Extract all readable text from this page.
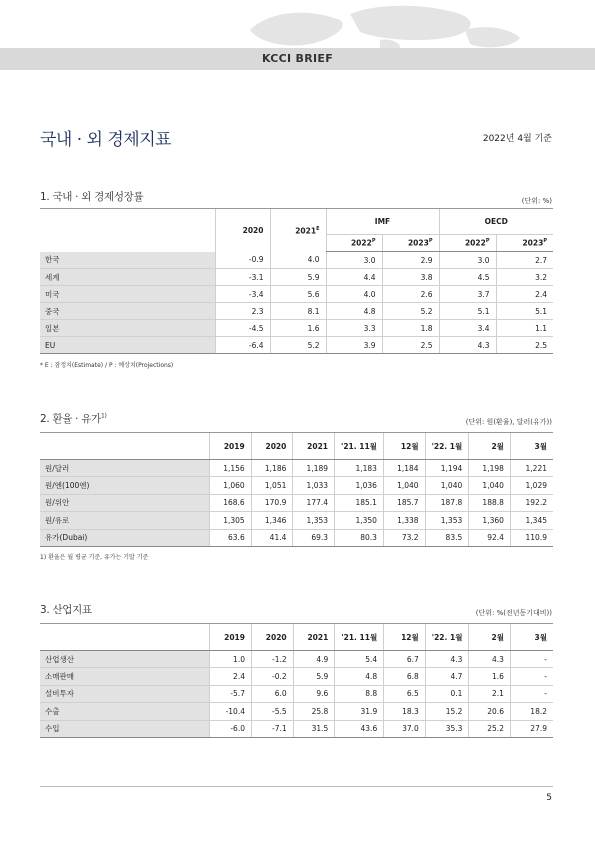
KCCI BRIEF
국내 · 외 경제지표	2022년 4월 기준
1. 국내 · 외 경제성장률	(단위: %)
	2020	$2021^E$	IMF		OECD	
			$2022^P$	$2023^P$	$2022^P$	$2023^P$
한국	-0.9	4.0	3.0	2.9	3.0	2.7
세계	-3.1	5.9	4.4	3.8	4.5	3.2
미국	-3.4	5.6	4.0	2.6	3.7	2.4
중국	2.3	8.1	4.8	5.2	5.1	5.1
일본	-4.5	1.6	3.3	1.8	3.4	1.1
EU	-6.4	5.2	3.9	2.5	4.3	2.5
* E : 잠정치(Estimate) / P : 예상치(Projections)
2. 환율 · 유가$^{1)}$
(단위: 원(환율), 달러(유가))
	2019	2020	2021	'21. 11월	12월	'22. 1월	2월	3월
원/달러	1,156	1,186	1,189	1,183	1,184	1,194	1,198	1,221
원/엔(100엔)	1,060	1,051	1,033	1,036	1,040	1,040	1,040	1,029
원/위안	168.6	170.9	177.4	185.1	185.7	187.8	188.8	192.2
원/유로	1,305	1,346	1,353	1,350	1,338	1,353	1,360	1,345
유가(Dubai)	63.6	41.4	69.3	80.3	73.2	83.5	92.4	110.9
1) 환율은 월 평균 기준, 유가는 기말 기준
3. 산업지표	(단위: %(전년동기대비))
	2019	2020	2021	'21. 11월	12월	'22. 1월	2월	3월
산업생산	1.0	-1.2	4.9	5.4	6.7	4.3	4.3	-
소매판매	2.4	-0.2	5.9	4.8	6.8	4.7	1.6	-
설비투자	-5.7	6.0	9.6	8.8	6.5	0.1	2.1	-
수출	-10.4	-5.5	25.8	31.9	18.3	15.2	20.6	18.2
수입	-6.0	-7.1	31.5	43.6	37.0	35.3	25.2	27.9
5
